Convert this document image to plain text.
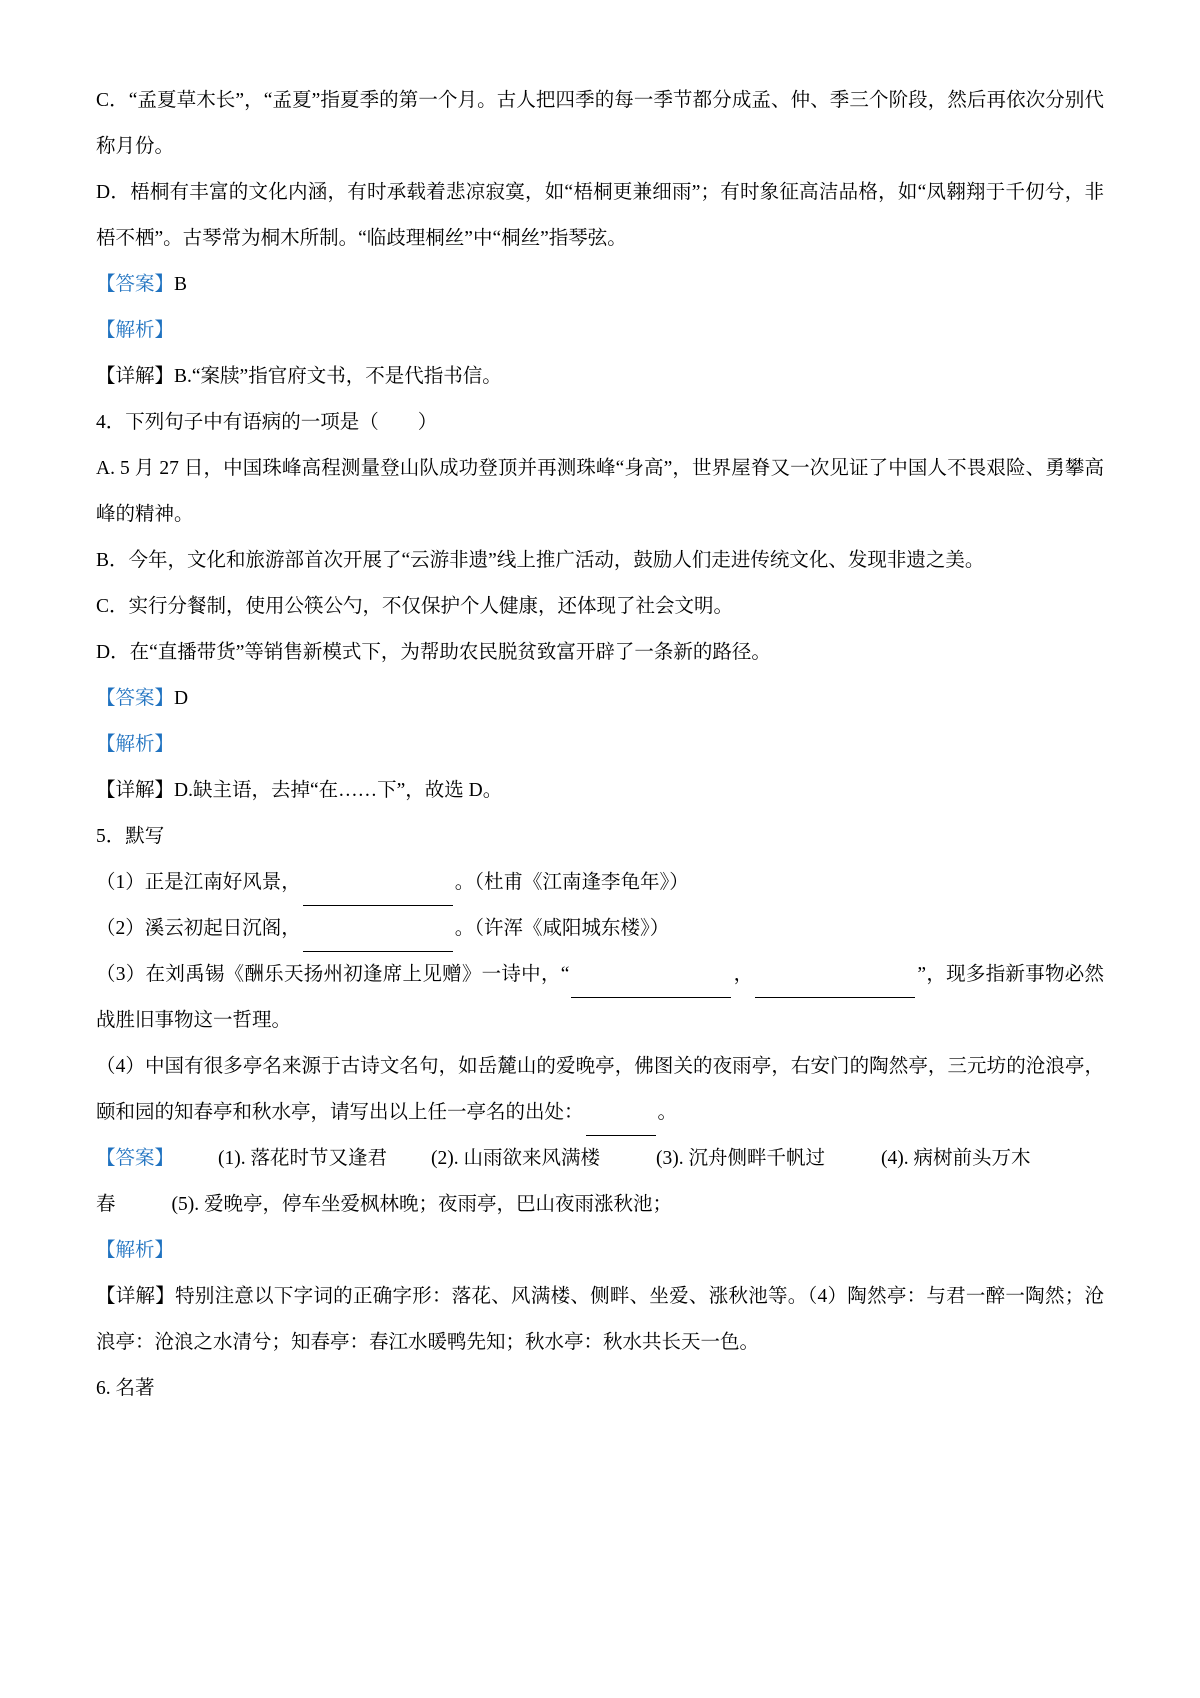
C．“孟夏草木长”，“孟夏”指夏季的第一个月。古人把四季的每一季节都分成孟、仲、季三个阶段，然后再依次分别代称月份。

D．梧桐有丰富的文化内涵，有时承载着悲凉寂寞，如“梧桐更兼细雨”；有时象征高洁品格，如“凤翱翔于千仞兮，非梧不栖”。古琴常为桐木所制。“临歧理桐丝”中“桐丝”指琴弦。

【答案】B

【解析】

【详解】B.“案牍”指官府文书，不是代指书信。

4．下列句子中有语病的一项是（　　）

A. 5 月 27 日，中国珠峰高程测量登山队成功登顶并再测珠峰“身高”，世界屋脊又一次见证了中国人不畏艰险、勇攀高峰的精神。

B．今年，文化和旅游部首次开展了“云游非遗”线上推广活动，鼓励人们走进传统文化、发现非遗之美。

C．实行分餐制，使用公筷公勺，不仅保护个人健康，还体现了社会文明。

D．在“直播带货”等销售新模式下，为帮助农民脱贫致富开辟了一条新的路径。

【答案】D

【解析】

【详解】D.缺主语，去掉“在……下”，故选 D。

5．默写

（1）正是江南好风景，	。（杜甫《江南逢李龟年》）

（2）溪云初起日沉阁，	。（许浑《咸阳城东楼》）

（3）在刘禹锡《酬乐天扬州初逢席上见赠》一诗中，“	，	”，现多指新事物必然战胜旧事物这一哲理。

（4）中国有很多亭名来源于古诗文名句，如岳麓山的爱晚亭，佛图关的夜雨亭，右安门的陶然亭，三元坊的沧浪亭，颐和园的知春亭和秋水亭，请写出以上任一亭名的出处：	。

【答案】 (1). 落花时节又逢君 (2). 山雨欲来风满楼	(3). 沉舟侧畔千帆过	(4). 病树前头万木

春	(5). 爱晚亭，停车坐爱枫林晚；夜雨亭，巴山夜雨涨秋池；

【解析】

【详解】特别注意以下字词的正确字形：落花、风满楼、侧畔、坐爱、涨秋池等。（4）陶然亭：与君一醉一陶然；沧浪亭：沧浪之水清兮；知春亭：春江水暖鸭先知；秋水亭：秋水共长天一色。

6. 名著
